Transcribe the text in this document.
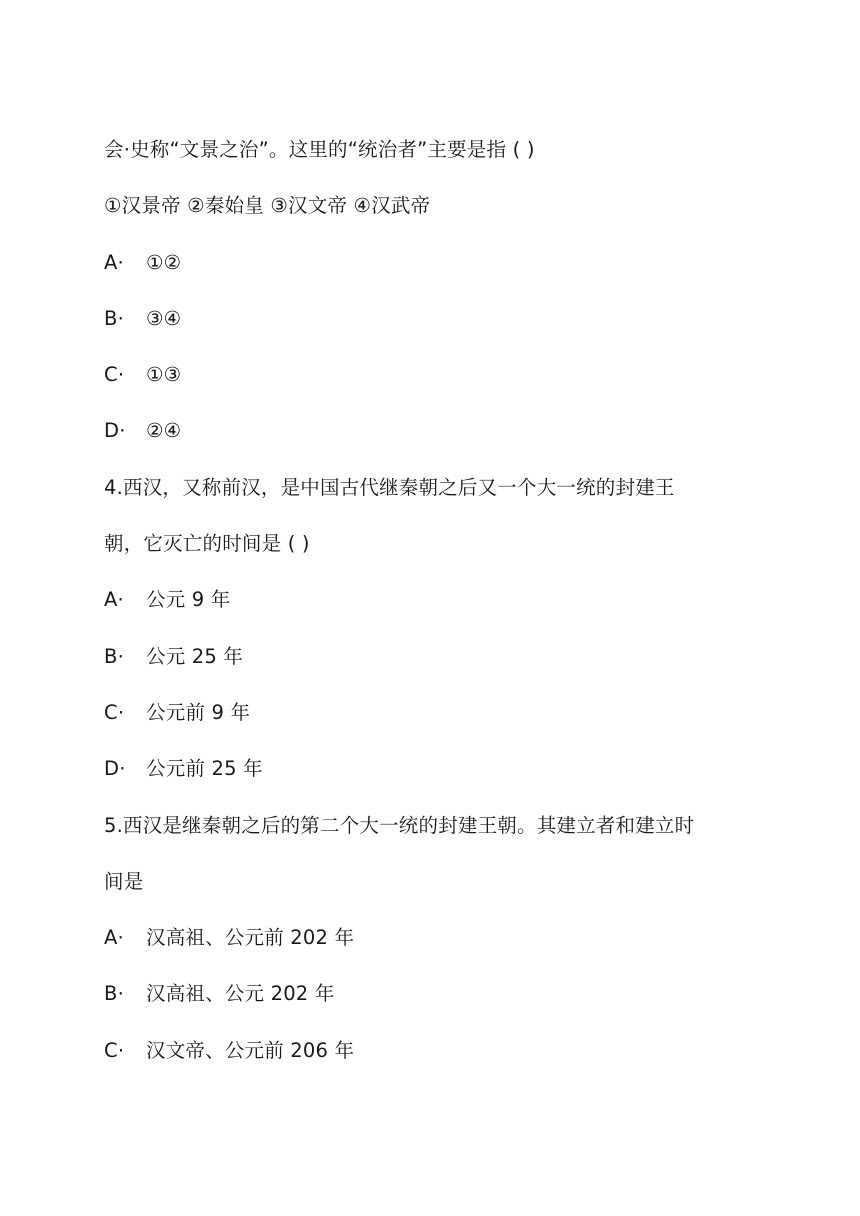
会·史称“文景之治”。这里的“统治者”主要是指 ( )
①汉景帝 ②秦始皇 ③汉文帝 ④汉武帝
A· ①②
B· ③④
C· ①③
D· ②④
4.西汉，又称前汉，是中国古代继秦朝之后又一个大一统的封建王
朝，它灭亡的时间是 ( )
A· 公元 9 年
B· 公元 25 年
C· 公元前 9 年
D· 公元前 25 年
5.西汉是继秦朝之后的第二个大一统的封建王朝。其建立者和建立时
间是
A· 汉高祖、公元前 202 年
B· 汉高祖、公元 202 年
C· 汉文帝、公元前 206 年
